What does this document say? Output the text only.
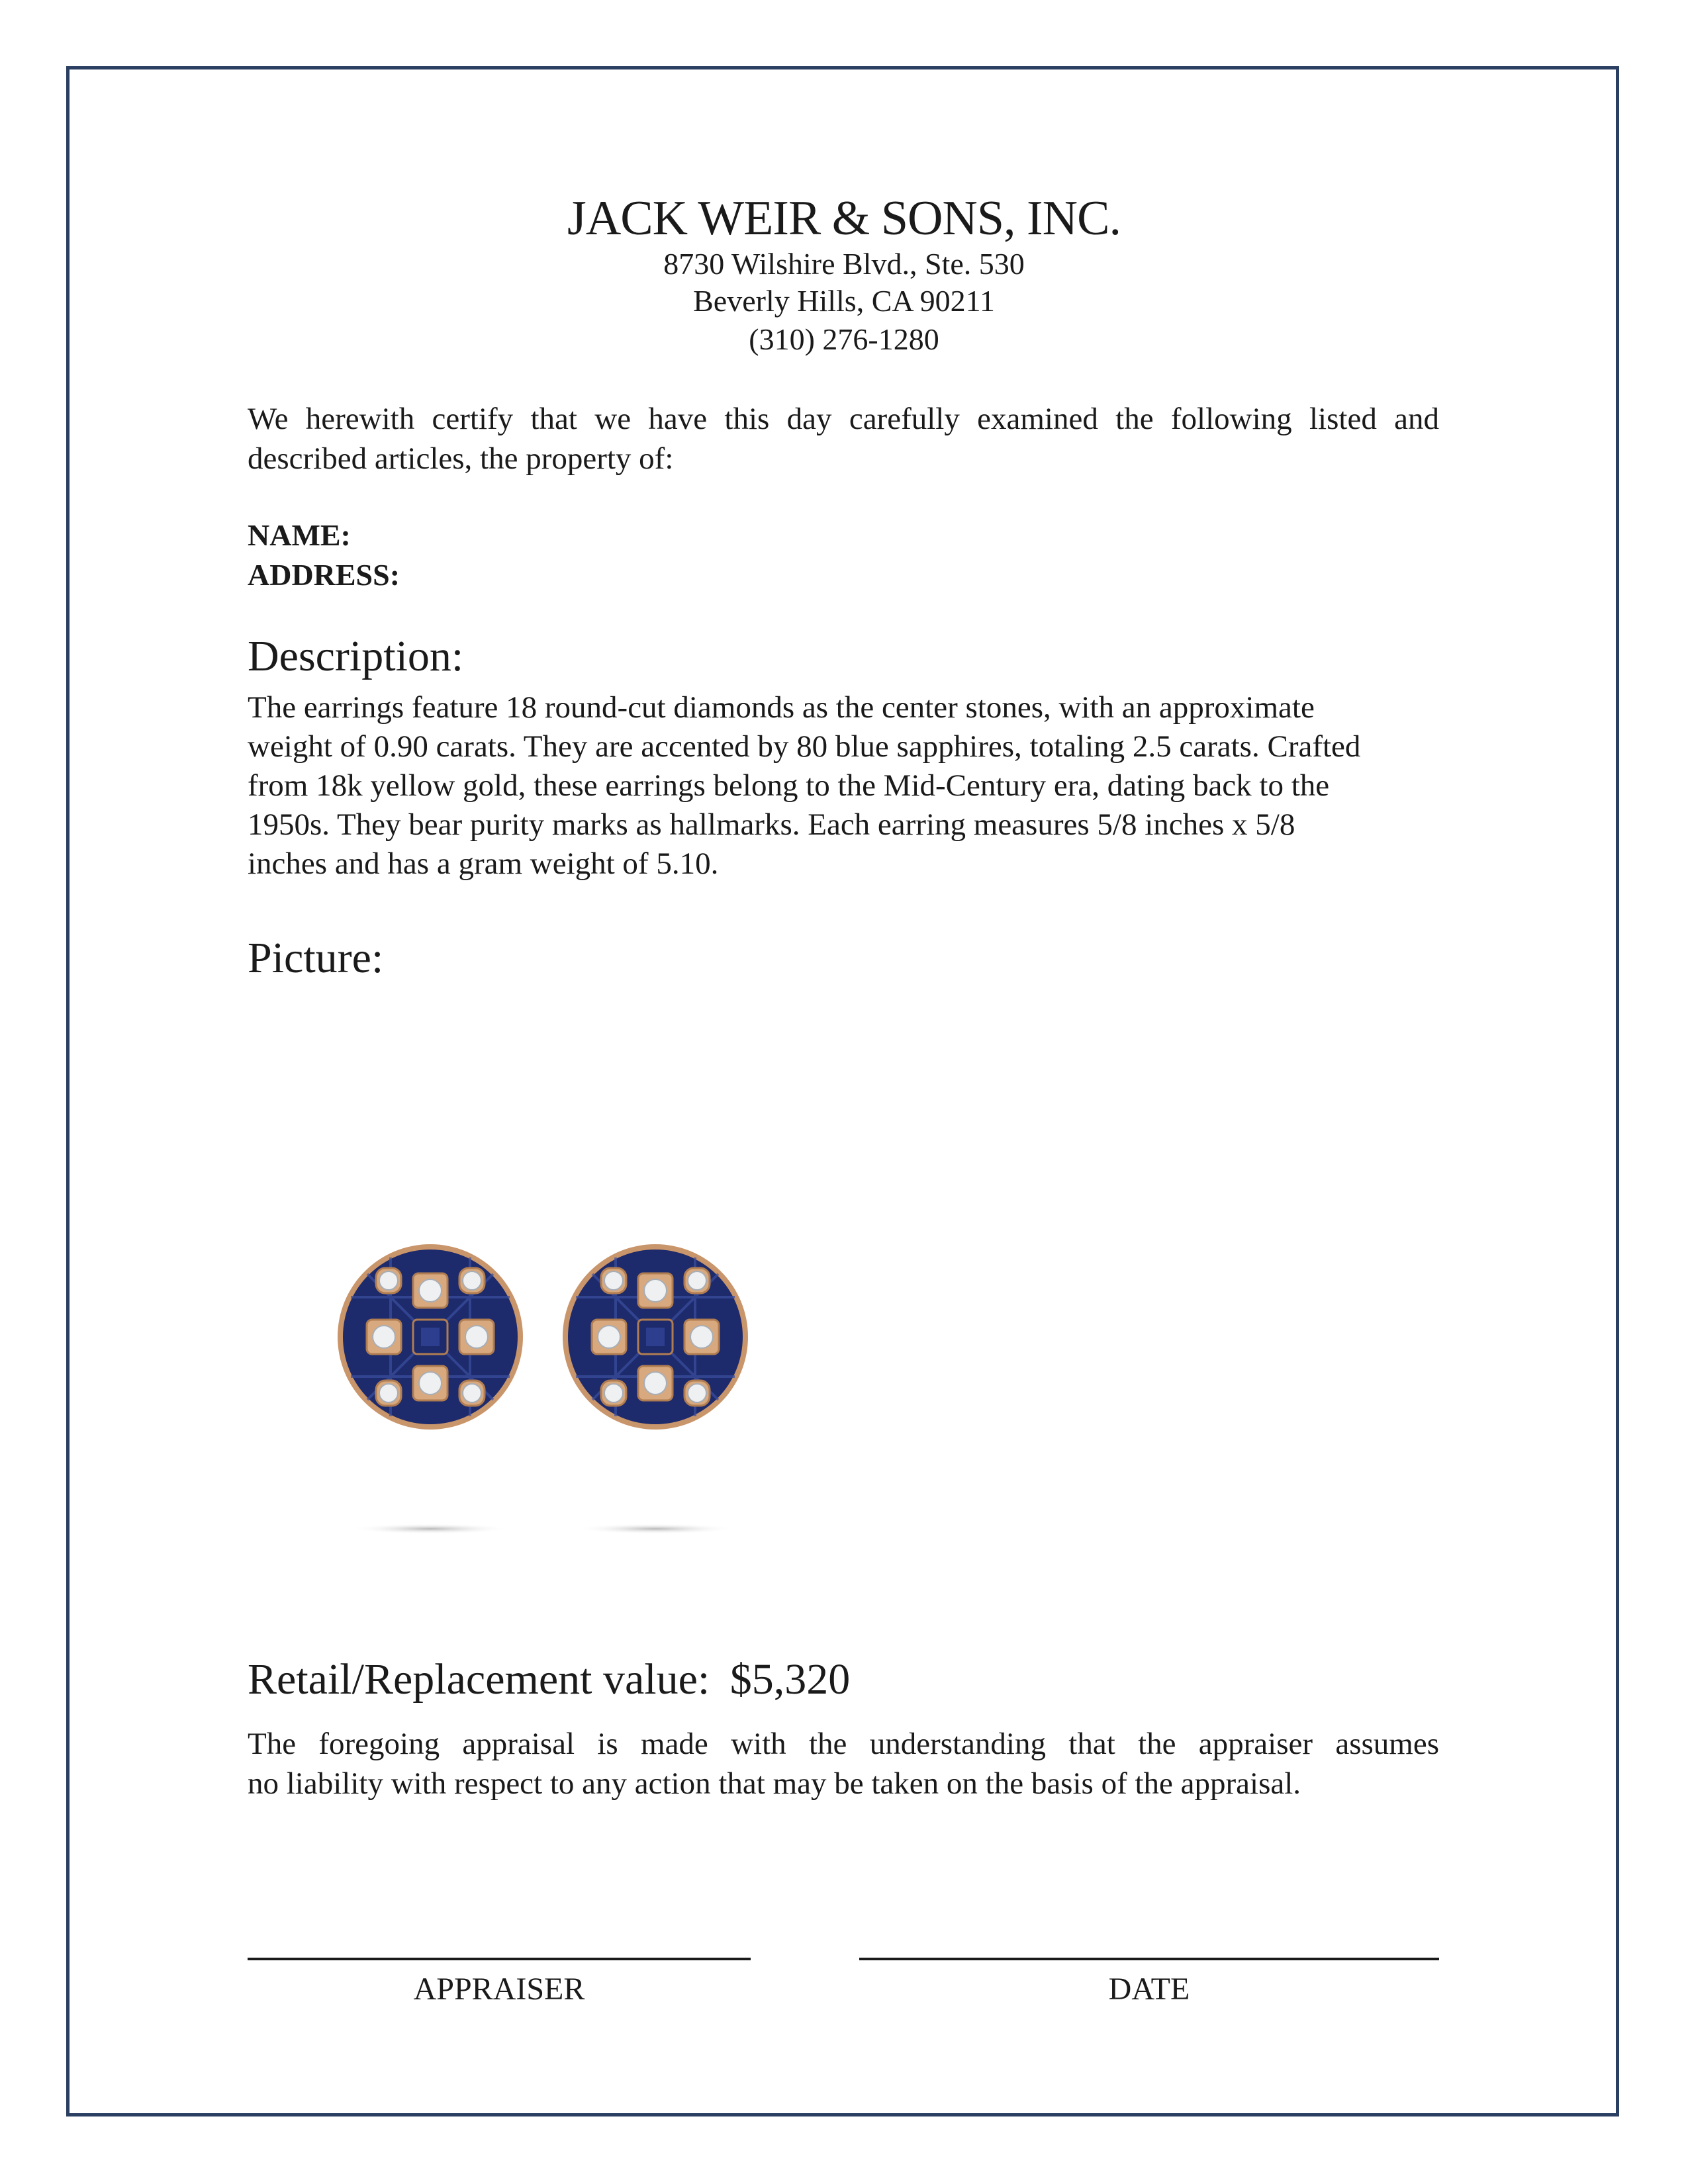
JACK WEIR & SONS, INC.
8730 Wilshire Blvd., Ste. 530
Beverly Hills, CA 90211
(310) 276-1280
We herewith certify that we have this day carefully examined the following listed and
described articles, the property of:
NAME:
ADDRESS:
Description:
The earrings feature 18 round-cut diamonds as the center stones, with an approximate
weight of 0.90 carats. They are accented by 80 blue sapphires, totaling 2.5 carats. Crafted
from 18k yellow gold, these earrings belong to the Mid-Century era, dating back to the
1950s. They bear purity marks as hallmarks. Each earring measures 5/8 inches x 5/8
inches and has a gram weight of 5.10.
Picture:
Retail/Replacement value: $5,320
The foregoing appraisal is made with the understanding that the appraiser assumes
no liability with respect to any action that may be taken on the basis of the appraisal.
APPRAISER	DATE
